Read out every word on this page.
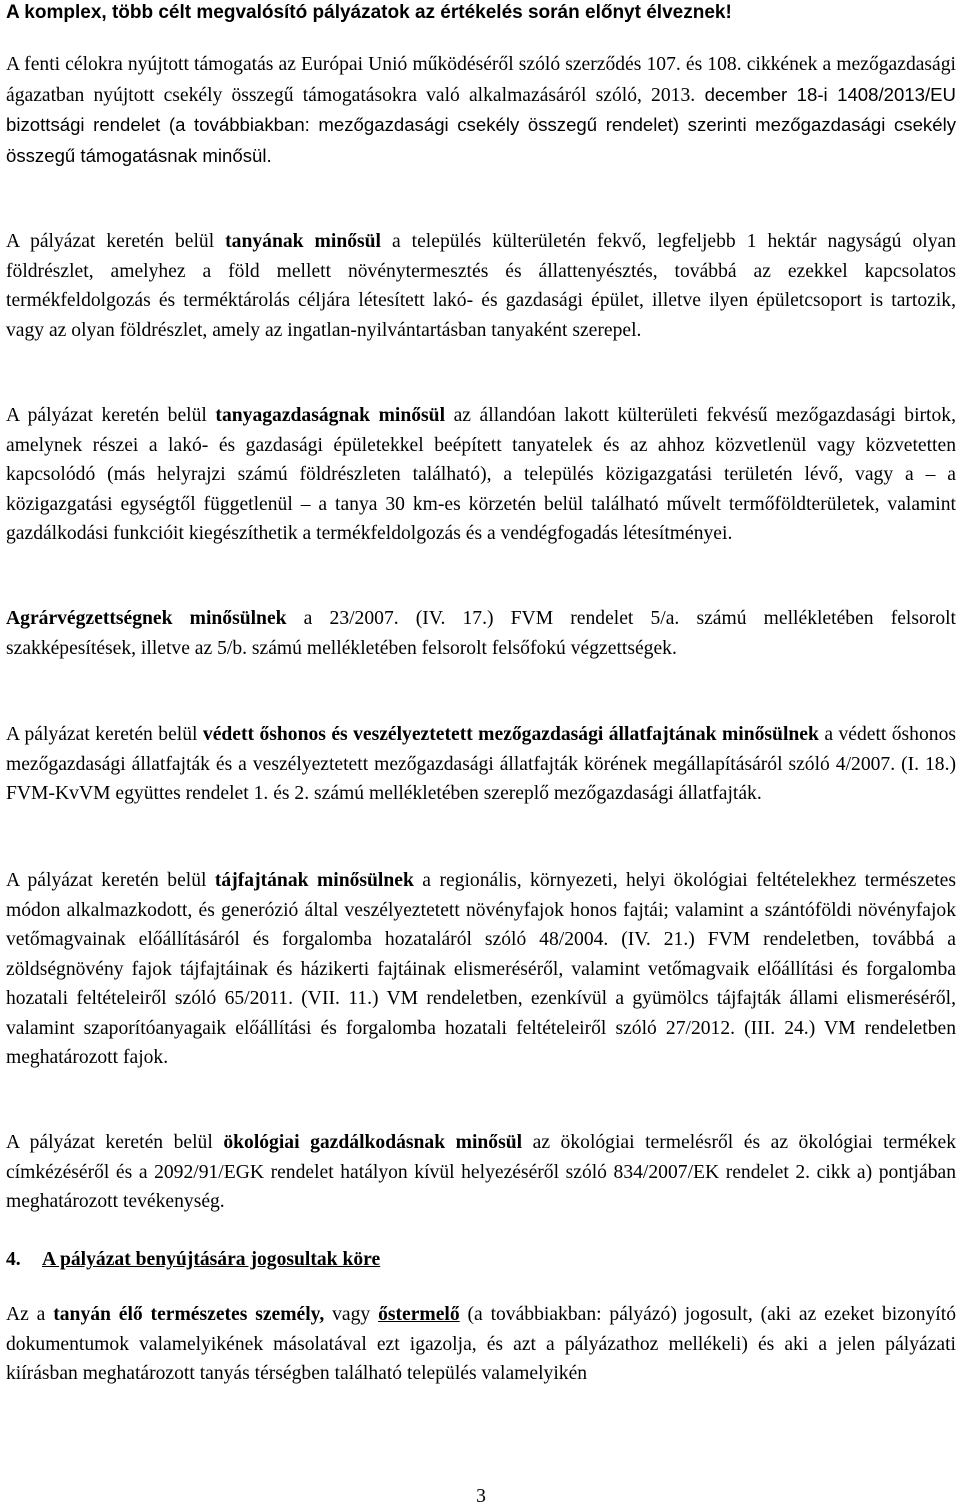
A komplex, több célt megvalósító pályázatok az értékelés során előnyt élveznek!
A fenti célokra nyújtott támogatás az Európai Unió működéséről szóló szerződés 107. és 108. cikkének a mezőgazdasági ágazatban nyújtott csekély összegű támogatásokra való alkalmazásáról szóló, 2013. december 18-i 1408/2013/EU bizottsági rendelet (a továbbiakban: mezőgazdasági csekély összegű rendelet) szerinti mezőgazdasági csekély összegű támogatásnak minősül.
A pályázat keretén belül tanyának minősül a település külterületén fekvő, legfeljebb 1 hektár nagyságú olyan földrészlet, amelyhez a föld mellett növénytermesztés és állattenyésztés, továbbá az ezekkel kapcsolatos termékfeldolgozás és terméktárolás céljára létesített lakó- és gazdasági épület, illetve ilyen épületcsoport is tartozik, vagy az olyan földrészlet, amely az ingatlan-nyilvántartásban tanyaként szerepel.
A pályázat keretén belül tanyagazdaságnak minősül az állandóan lakott külterületi fekvésű mezőgazdasági birtok, amelynek részei a lakó- és gazdasági épületekkel beépített tanyatelek és az ahhoz közvetlenül vagy közvetetten kapcsolódó (más helyrajzi számú földrészleten található), a település közigazgatási területén lévő, vagy a – a közigazgatási egységtől függetlenül – a tanya 30 km-es körzetén belül található művelt termőföldterületek, valamint gazdálkodási funkcióit kiegészíthetik a termékfeldolgozás és a vendégfogadás létesítményei.
Agrárvégzettségnek minősülnek a 23/2007. (IV. 17.) FVM rendelet 5/a. számú mellékletében felsorolt szakképesítések, illetve az 5/b. számú mellékletében felsorolt felsőfokú végzettségek.
A pályázat keretén belül védett őshonos és veszélyeztetett mezőgazdasági állatfajtának minősülnek a védett őshonos mezőgazdasági állatfajták és a veszélyeztetett mezőgazdasági állatfajták körének megállapításáról szóló 4/2007. (I. 18.) FVM-KvVM együttes rendelet 1. és 2. számú mellékletében szereplő mezőgazdasági állatfajták.
A pályázat keretén belül tájfajtának minősülnek a regionális, környezeti, helyi ökológiai feltételekhez természetes módon alkalmazkodott, és generózió által veszélyeztetett növényfajok honos fajtái; valamint a szántóföldi növényfajok vetőmagvainak előállításáról és forgalomba hozataláról szóló 48/2004. (IV. 21.) FVM rendeletben, továbbá a zöldségnövény fajok tájfajtáinak és házikerti fajtáinak elismeréséről, valamint vetőmagvaik előállítási és forgalomba hozatali feltételeiről szóló 65/2011. (VII. 11.) VM rendeletben, ezenkívül a gyümölcs tájfajták állami elismeréséről, valamint szaporítóanyagaik előállítási és forgalomba hozatali feltételeiről szóló 27/2012. (III. 24.) VM rendeletben meghatározott fajok.
A pályázat keretén belül ökológiai gazdálkodásnak minősül az ökológiai termelésről és az ökológiai termékek címkézéséről és a 2092/91/EGK rendelet hatályon kívül helyezéséről szóló 834/2007/EK rendelet 2. cikk a) pontjában meghatározott tevékenység.
4. A pályázat benyújtására jogosultak köre
Az a tanyán élő természetes személy, vagy őstermelő (a továbbiakban: pályázó) jogosult, (aki az ezeket bizonyító dokumentumok valamelyikének másolatával ezt igazolja, és azt a pályázathoz mellékeli) és aki a jelen pályázati kiírásban meghatározott tanyás térségben található település valamelyikén
3
